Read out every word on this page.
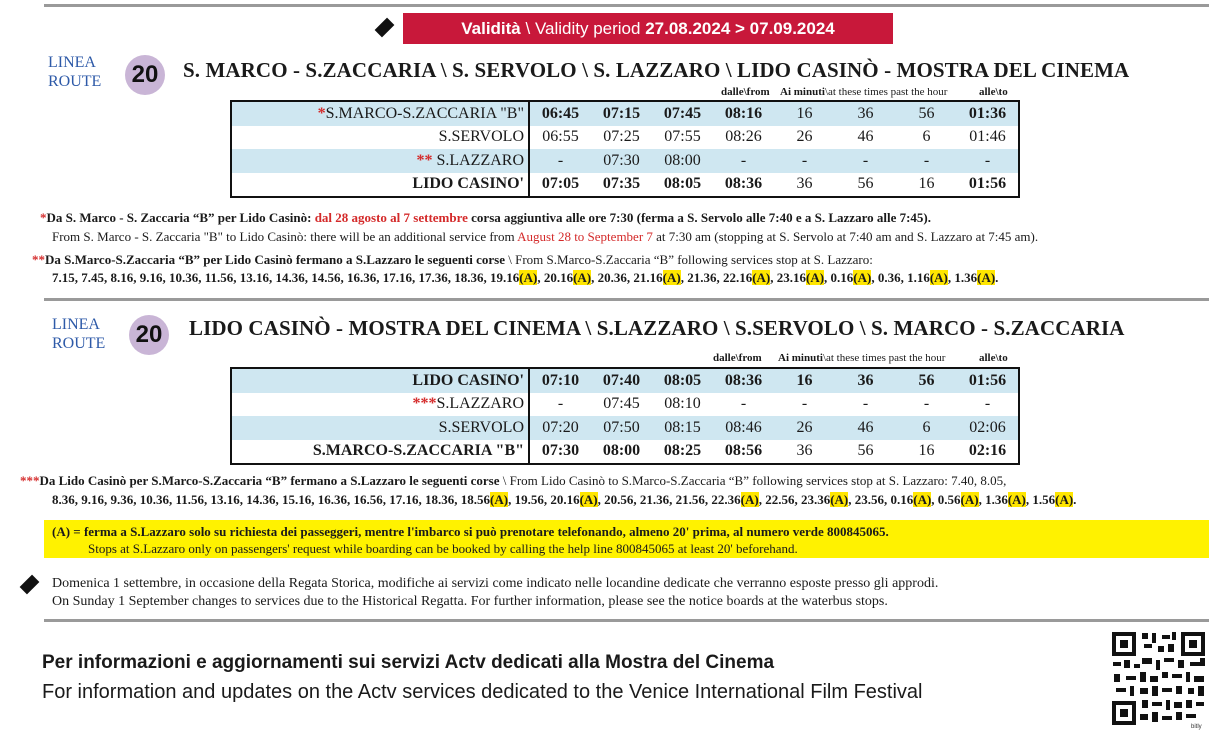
Validità \ Validity period 27.08.2024 > 07.09.2024
LINEA
ROUTE 20	S. MARCO - S.ZACCARIA \ S. SERVOLO \ S. LAZZARO \ LIDO CASINÒ - MOSTRA DEL CINEMA
dalle\from Ai minuti\at these times past the hour	alle\to
*S.MARCO-S.ZACCARIA "B"	06:45	07:15	07:45	08:16	16	36	56	01:36
S.SERVOLO	06:55	07:25	07:55	08:26	26	46	6	01:46
** S.LAZZARO	-	07:30	08:00	-	-	-	-	-
LIDO CASINO'	07:05	07:35	08:05	08:36	36	56	16	01:56
*Da S. Marco - S. Zaccaria “B” per Lido Casinò: dal 28 agosto al 7 settembre corsa aggiuntiva alle ore 7:30 (ferma a S. Servolo alle 7:40 e a S. Lazzaro alle 7:45).
From S. Marco - S. Zaccaria "B" to Lido Casinò: there will be an additional service from August 28 to September 7 at 7:30 am (stopping at S. Servolo at 7:40 am and S. Lazzaro at 7:45 am).
**Da S.Marco-S.Zaccaria “B” per Lido Casinò fermano a S.Lazzaro le seguenti corse \ From S.Marco-S.Zaccaria “B” following services stop at S. Lazzaro:
7.15, 7.45, 8.16, 9.16, 10.36, 11.56, 13.16, 14.36, 14.56, 16.36, 17.16, 17.36, 18.36, 19.16(A), 20.16(A), 20.36, 21.16(A), 21.36, 22.16(A), 23.16(A), 0.16(A), 0.36, 1.16(A), 1.36(A).
LINEA
ROUTE 20	LIDO CASINÒ - MOSTRA DEL CINEMA \ S.LAZZARO \ S.SERVOLO \ S. MARCO - S.ZACCARIA
dalle\from Ai minuti\at these times past the hour	alle\to
LIDO CASINO'	07:10	07:40	08:05	08:36	16	36	56	01:56
***S.LAZZARO	-	07:45	08:10	-	-	-	-	-
S.SERVOLO	07:20	07:50	08:15	08:46	26	46	6	02:06
S.MARCO-S.ZACCARIA "B"	07:30	08:00	08:25	08:56	36	56	16	02:16
***Da Lido Casinò per S.Marco-S.Zaccaria “B” fermano a S.Lazzaro le seguenti corse \ From Lido Casinò to S.Marco-S.Zaccaria “B” following services stop at S. Lazzaro: 7.40, 8.05,
8.36, 9.16, 9.36, 10.36, 11.56, 13.16, 14.36, 15.16, 16.36, 16.56, 17.16, 18.36, 18.56(A), 19.56, 20.16(A), 20.56, 21.36, 21.56, 22.36(A), 22.56, 23.36(A), 23.56, 0.16(A), 0.56(A), 1.36(A), 1.56(A).
(A) = ferma a S.Lazzaro solo su richiesta dei passeggeri, mentre l'imbarco si può prenotare telefonando, almeno 20' prima, al numero verde 800845065.
Stops at S.Lazzaro only on passengers' request while boarding can be booked by calling the help line 800845065 at least 20' beforehand.
Domenica 1 settembre, in occasione della Regata Storica, modifiche ai servizi come indicato nelle locandine dedicate che verranno esposte presso gli approdi.
On Sunday 1 September changes to services due to the Historical Regatta. For further information, please see the notice boards at the waterbus stops.
Per informazioni e aggiornamenti sui servizi Actv dedicati alla Mostra del Cinema
For information and updates on the Actv services dedicated to the Venice International Film Festival
bitly
